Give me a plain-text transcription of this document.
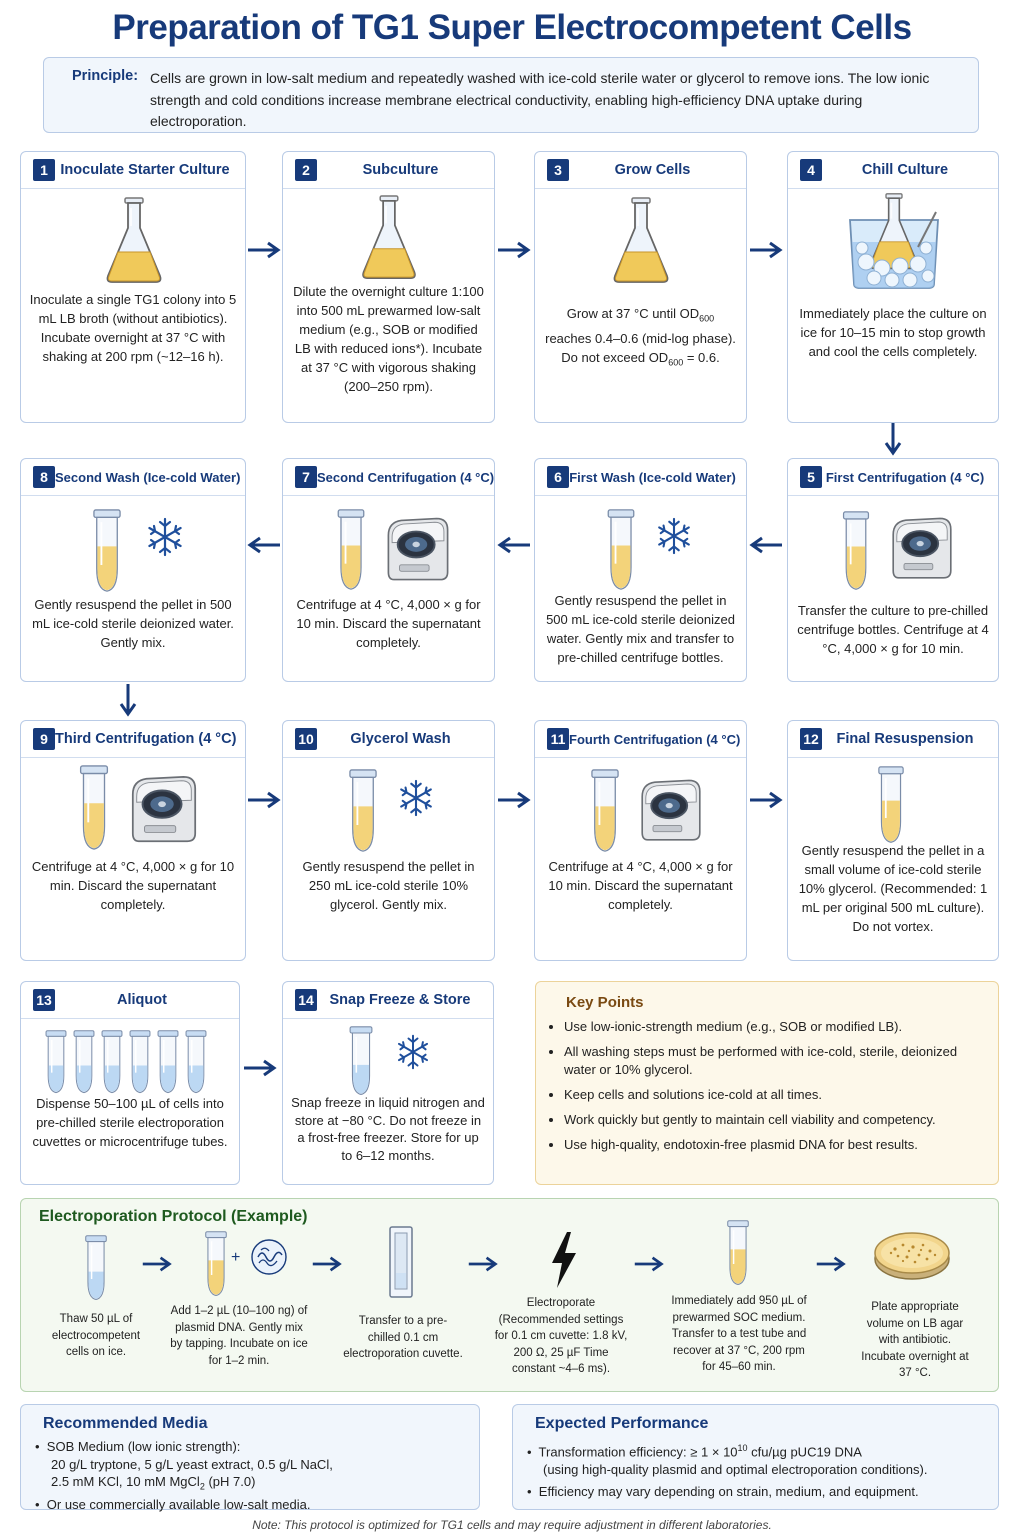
Preparation of TG1 Super Electrocompetent Cells
Principle: Cells are grown in low-salt medium and repeatedly washed with ice-cold sterile water or glycerol to remove ions. The low ionic strength and cold conditions increase membrane electrical conductivity, enabling high-efficiency DNA uptake during electroporation.
1 Inoculate Starter Culture
Inoculate a single TG1 colony into 5 mL LB broth (without antibiotics). Incubate overnight at 37 °C with shaking at 200 rpm (~12–16 h).
2	Subculture
Dilute the overnight culture 1:100 into 500 mL prewarmed low-salt medium (e.g., SOB or modified LB with reduced ions*). Incubate at 37 °C with vigorous shaking (200–250 rpm).
3	Grow Cells
Grow at 37 °C until $OD_{600}$ reaches 0.4–0.6 (mid-log phase). Do not exceed $OD_{600} = 0.6$.
4	Chill Culture
Immediately place the culture on ice for 10–15 min to stop growth and cool the cells completely.
8 Second Wash (Ice-cold Water)
Gently resuspend the pellet in 500 mL ice-cold sterile deionized water. Gently mix.
7 Second Centrifugation (4 °C)
Centrifuge at 4 °C, 4,000 × g for 10 min. Discard the supernatant completely.
6 First Wash (Ice-cold Water)
Gently resuspend the pellet in 500 mL ice-cold sterile deionized water. Gently mix and transfer to pre-chilled centrifuge bottles.
5 First Centrifugation (4 °C)
Transfer the culture to pre-chilled centrifuge bottles. Centrifuge at 4 °C, 4,000 × g for 10 min.
9 Third Centrifugation (4 °C)
Centrifuge at 4 °C, 4,000 × g for 10 min. Discard the supernatant completely.
10	Glycerol Wash
Gently resuspend the pellet in 250 mL ice-cold sterile 10% glycerol. Gently mix.
11 Fourth Centrifugation (4 °C)
Centrifuge at 4 °C, 4,000 × g for 10 min. Discard the supernatant completely.
12	Final Resuspension
Gently resuspend the pellet in a small volume of ice-cold sterile 10% glycerol. (Recommended: 1 mL per original 500 mL culture). Do not vortex.
13	Aliquot
Dispense 50–100 µL of cells into pre-chilled sterile electroporation cuvettes or microcentrifuge tubes.
14	Snap Freeze & Store
Snap freeze in liquid nitrogen and store at −80 °C. Do not freeze in a frost-free freezer. Store for up to 6–12 months.
Key Points
• Use low-ionic-strength medium (e.g., SOB or modified LB).
• All washing steps must be performed with ice-cold, sterile, deionized water or 10% glycerol.
• Keep cells and solutions ice-cold at all times.
• Work quickly but gently to maintain cell viability and competency.
• Use high-quality, endotoxin-free plasmid DNA for best results.
Electroporation Protocol (Example)
+
Thaw 50 µL of electrocompetent cells on ice.
Add 1–2 µL (10–100 ng) of plasmid DNA. Gently mix by tapping. Incubate on ice for 1–2 min.
Transfer to a pre-chilled 0.1 cm electroporation cuvette.
Electroporate (Recommended settings for 0.1 cm cuvette: 1.8 kV, 200 Ω, 25 µF Time constant ~4–6 ms).
Immediately add 950 µL of prewarmed SOC medium. Transfer to a test tube and recover at 37 °C, 200 rpm for 45–60 min.
Plate appropriate volume on LB agar with antibiotic. Incubate overnight at 37 °C.
Recommended Media
•  SOB Medium (low ionic strength):
20 g/L tryptone, 5 g/L yeast extract, 0.5 g/L NaCl,
2.5 mM KCl, 10 mM MgCl$_2$ (pH 7.0)
•  Or use commercially available low-salt media.
Expected Performance
•  Transformation efficiency: ≥ $1 \times 10^{10}$ cfu/µg pUC19 DNA
(using high-quality plasmid and optimal electroporation conditions).
•  Efficiency may vary depending on strain, medium, and equipment.
Note: This protocol is optimized for TG1 cells and may require adjustment in different laboratories.
